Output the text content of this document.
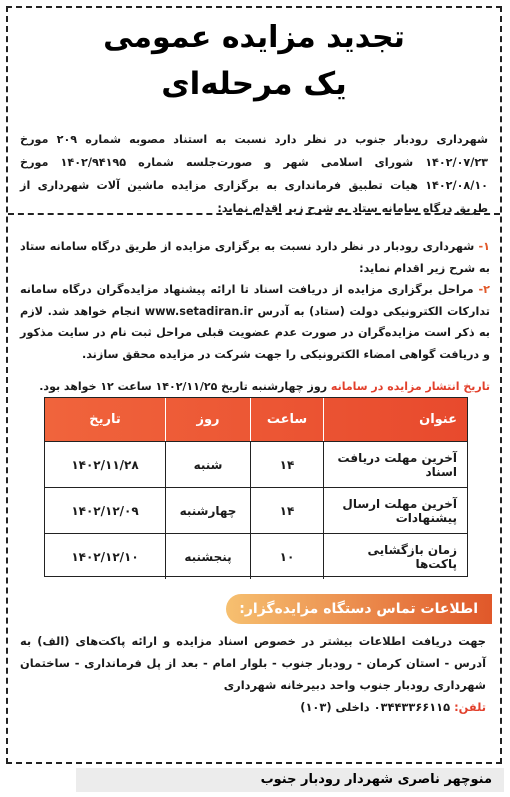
تجدید مزایده عمومی
یک مرحله‌ای
شهرداری رودبار جنوب در نظر دارد نسبت به استناد مصوبه شماره ۲۰۹ مورخ ۱۴۰۲/۰۷/۲۳ شورای اسلامی شهر و صورت‌جلسه شماره ۱۴۰۲/۹۴۱۹۵ مورخ ۱۴۰۲/۰۸/۱۰ هیات تطبیق فرمانداری به برگزاری مزایده ماشین آلات شهرداری از طریق درگاه سامانه ستاد به شرح زیر اقدام نماید:
۱- شهرداری رودبار در نظر دارد نسبت به برگزاری مزایده از طریق درگاه سامانه ستاد به شرح زیر اقدام نماید:
۲- مراحل برگزاری مزایده از دریافت اسناد تا ارائه پیشنهاد مزایده‌گران درگاه سامانه تدارکات الکترونیکی دولت (ستاد) به آدرس www.setadiran.ir انجام خواهد شد. لازم به ذکر است مزایده‌گران در صورت عدم عضویت قبلی مراحل ثبت نام در سایت مذکور و دریافت گواهی امضاء الکترونیکی را جهت شرکت در مزایده محقق سازند.
تاریخ انتشار مزایده در سامانه روز چهارشنبه تاریخ ۱۴۰۲/۱۱/۲۵ ساعت ۱۲ خواهد بود.
عنوان
ساعت
روز
تاریخ
آخرین مهلت دریافت اسناد
۱۴
شنبه
۱۴۰۲/۱۱/۲۸
آخرین مهلت ارسال پیشنهادات
۱۴
چهارشنبه
۱۴۰۲/۱۲/۰۹
زمان بازگشایی پاکت‌ها
۱۰
پنجشنبه
۱۴۰۲/۱۲/۱۰
اطلاعات تماس دستگاه مزایده‌گزار:
جهت دریافت اطلاعات بیشتر در خصوص اسناد مزایده و ارائه پاکت‌های (الف) به آدرس - استان کرمان - رودبار جنوب - بلوار امام - بعد از پل فرمانداری - ساختمان شهرداری رودبار جنوب واحد دبیرخانه شهرداری
تلفن: ۰۳۴۴۳۳۶۶۱۱۵ داخلی (۱۰۳)
منوچهر ناصری شهردار رودبار جنوب
